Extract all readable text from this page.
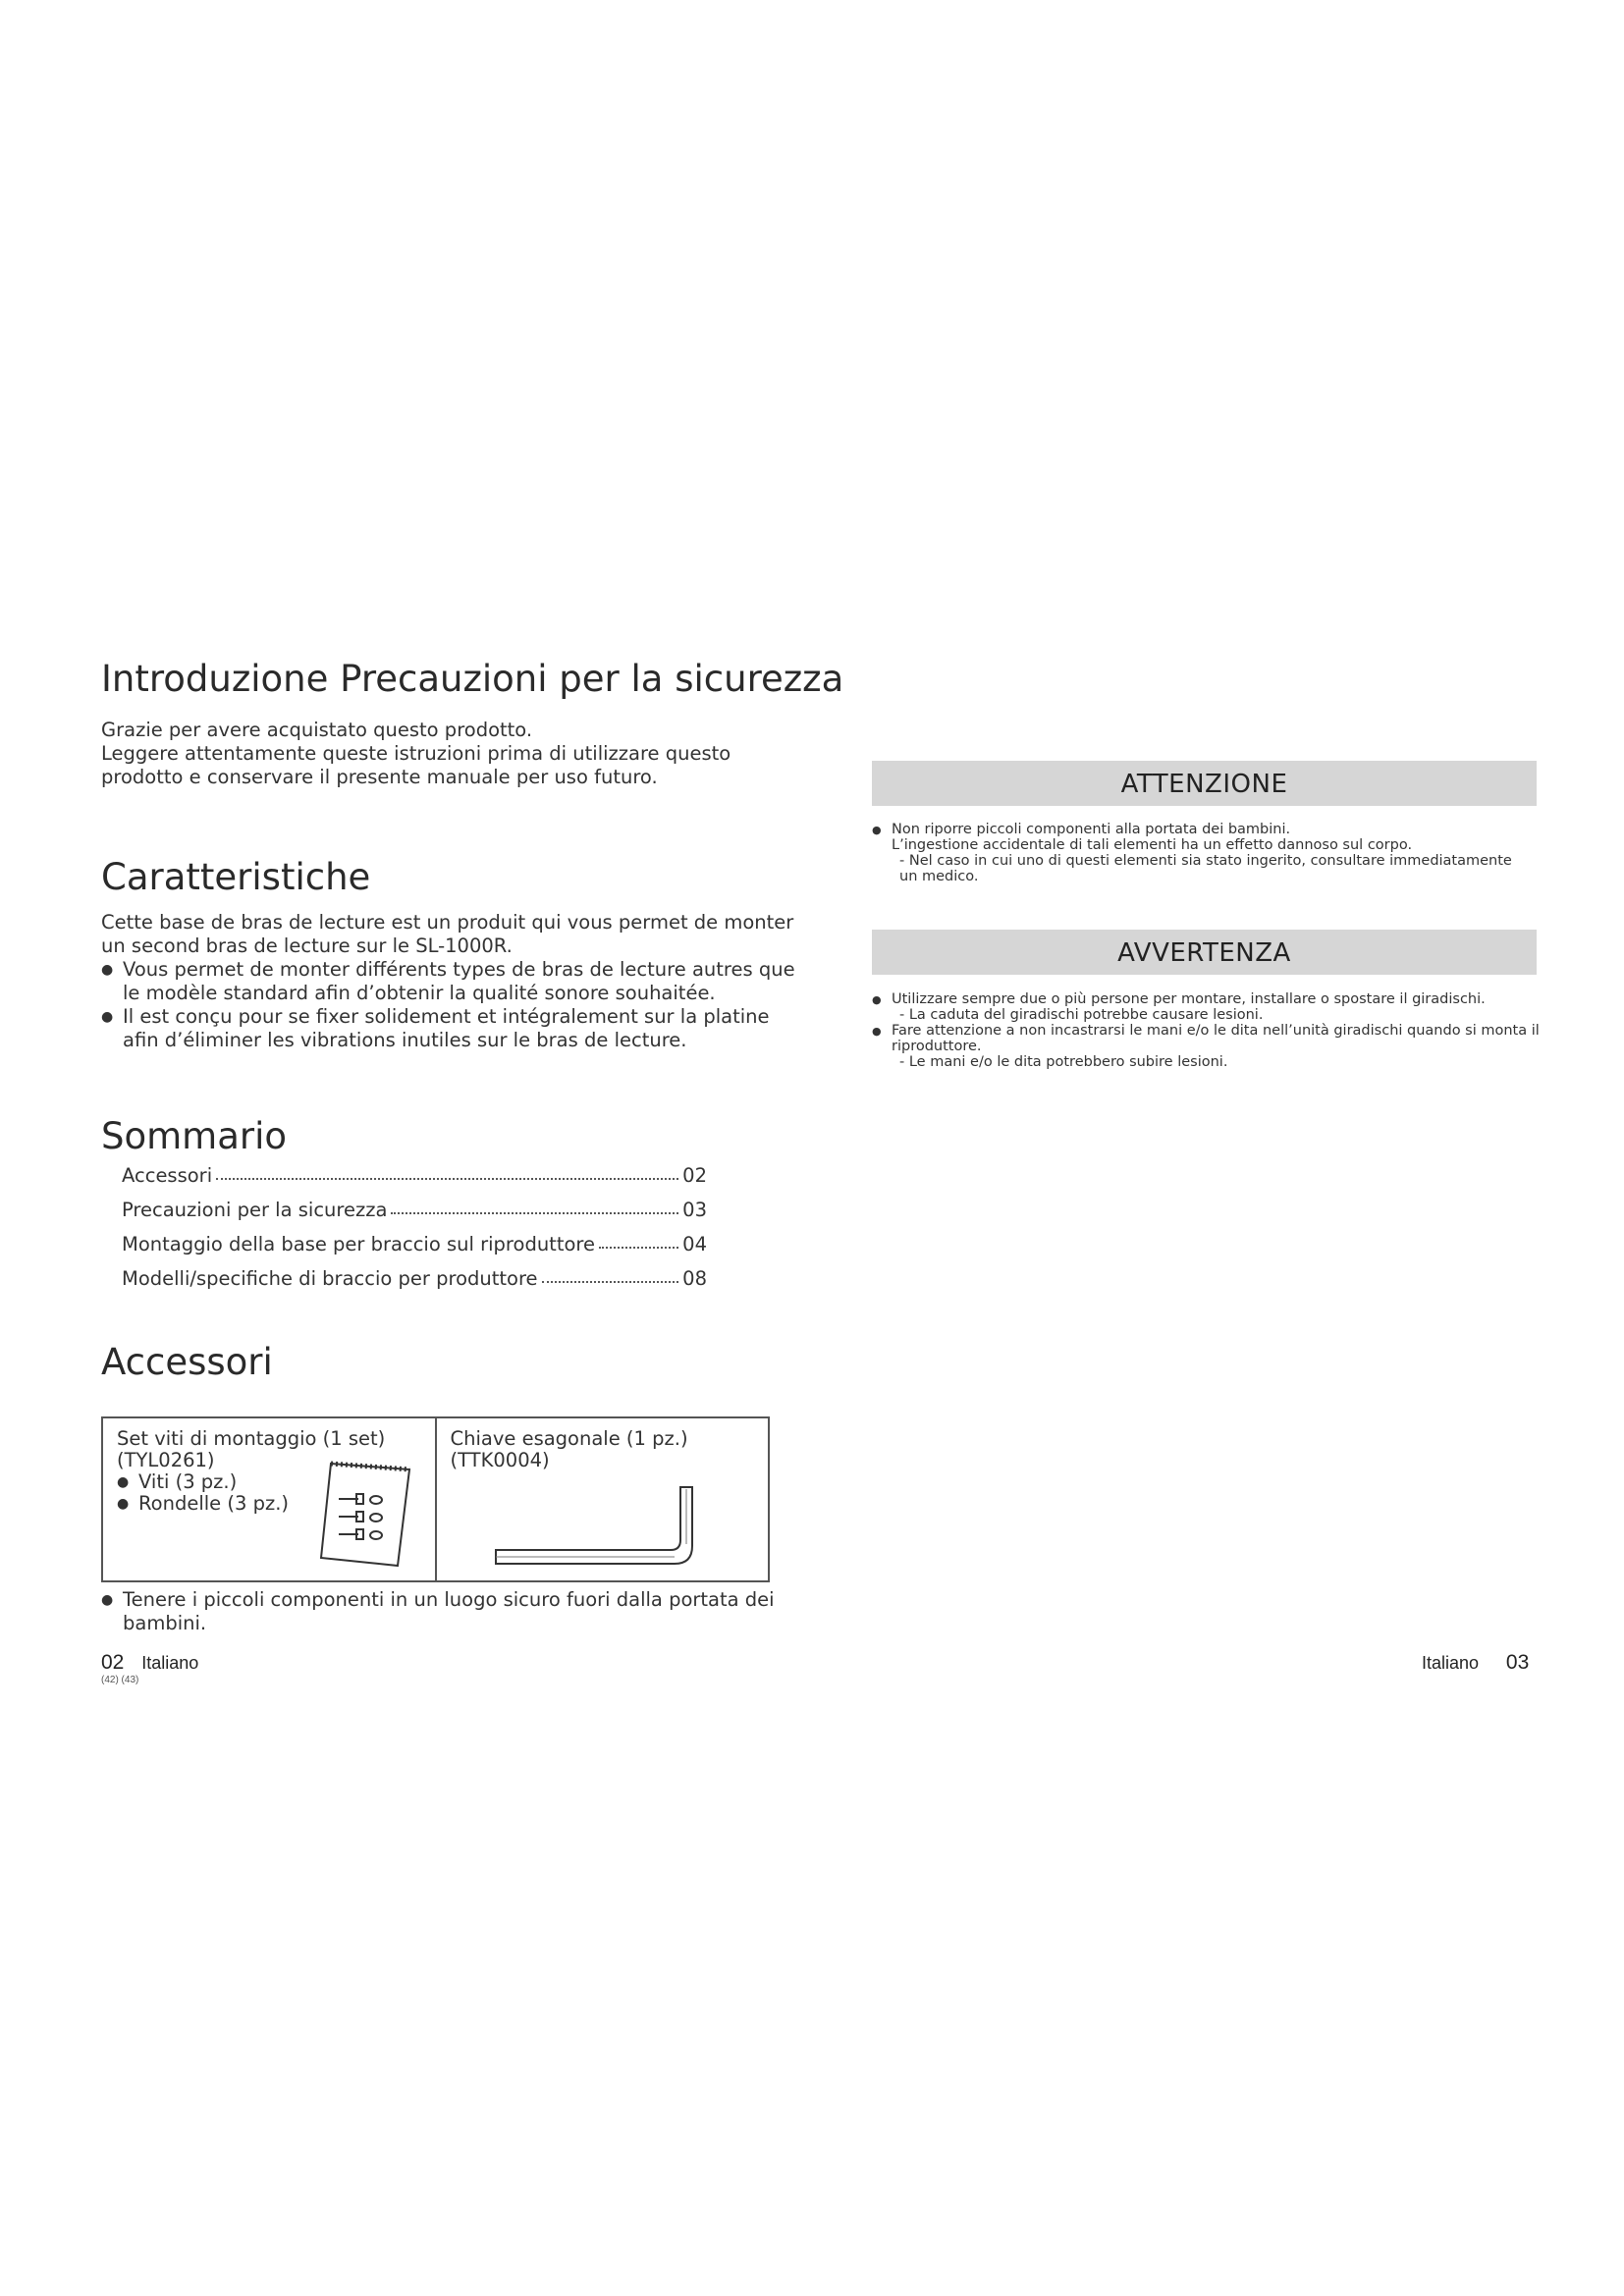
Introduzione Precauzioni per la sicurezza
Grazie per avere acquistato questo prodotto.
Leggere attentamente queste istruzioni prima di utilizzare questo
prodotto e conservare il presente manuale per uso futuro.
Caratteristiche
Cette base de bras de lecture est un produit qui vous permet de monter
un second bras de lecture sur le SL-1000R.
● Vous permet de monter différents types de bras de lecture autres que
le modèle standard afin d’obtenir la qualité sonore souhaitée.
● Il est conçu pour se fixer solidement et intégralement sur la platine
afin d’éliminer les vibrations inutiles sur le bras de lecture.
Sommario
Accessori	02
Precauzioni per la sicurezza	03
Montaggio della base per braccio sul riproduttore	04
Modelli/specifiche di braccio per produttore	08
Accessori
Set viti di montaggio (1 set)
(TYL0261)
● Viti (3 pz.)
● Rondelle (3 pz.)
Chiave esagonale (1 pz.)
(TTK0004)
● Tenere i piccoli componenti in un luogo sicuro fuori dalla portata dei
bambini.
ATTENZIONE
● Non riporre piccoli componenti alla portata dei bambini.
L’ingestione accidentale di tali elementi ha un effetto dannoso sul corpo.
- Nel caso in cui uno di questi elementi sia stato ingerito, consultare immediatamente
un medico.
AVVERTENZA
● Utilizzare sempre due o più persone per montare, installare o spostare il giradischi.
- La caduta del giradischi potrebbe causare lesioni.
● Fare attenzione a non incastrarsi le mani e/o le dita nell’unità giradischi quando si monta il
riproduttore.
- Le mani e/o le dita potrebbero subire lesioni.
02 Italiano
(42) (43)
Italiano 03
